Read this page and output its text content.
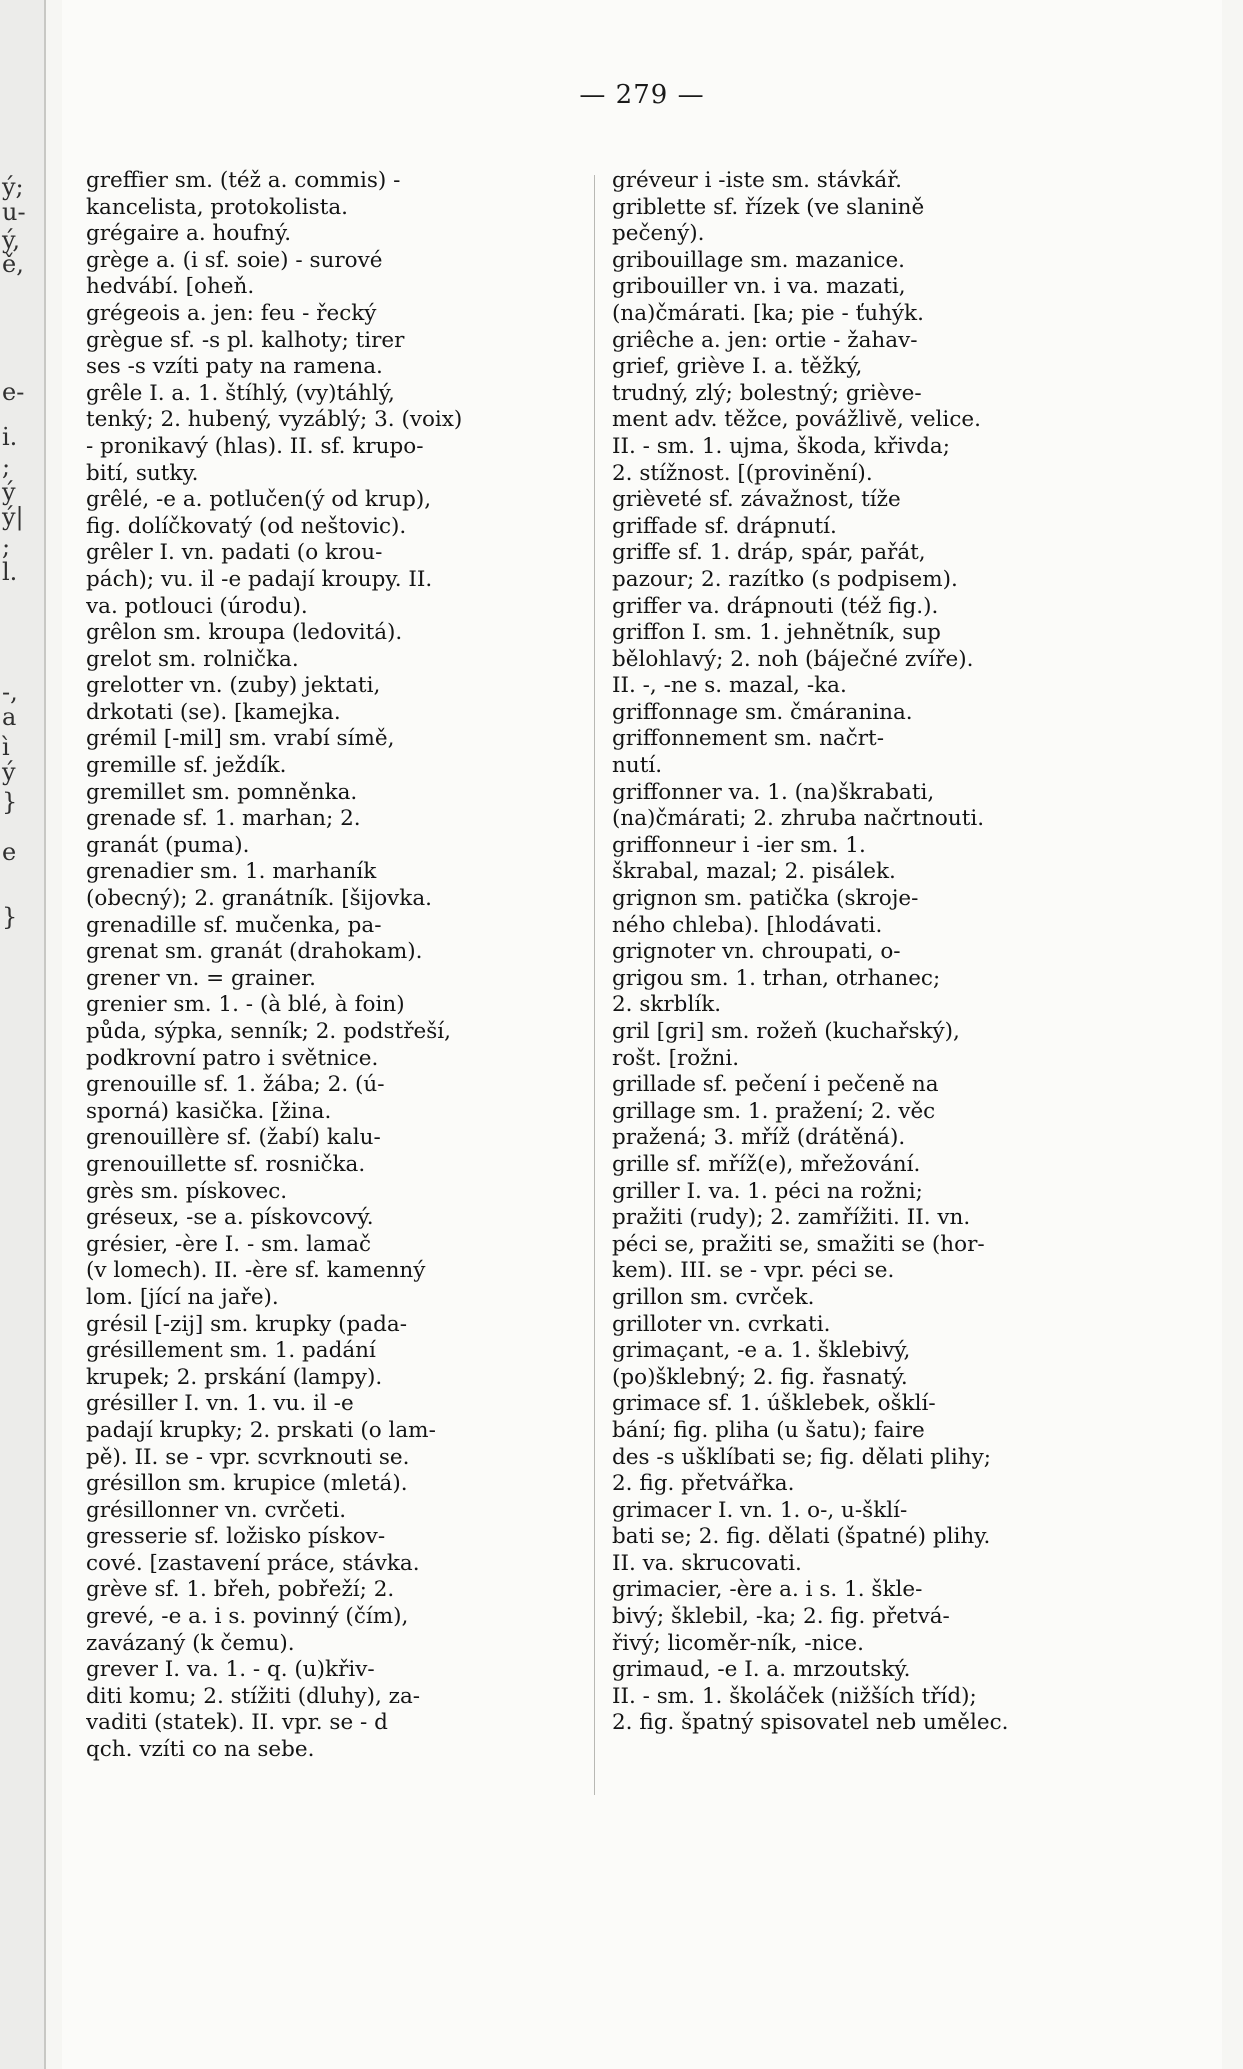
ý;
u-
ý,
ě,
e-
i.
;
ý
ý|
;
l.
-,
a
ì
ý
}
e
}
— 279 —
greffier sm. (též a. commis) -
kancelista, protokolista.
grégaire a. houfný.
grège a. (i sf. soie) - surové
hedvábí. [oheň.
grégeois a. jen: feu - řecký
grègue sf. -s pl. kalhoty; tirer
ses -s vzíti paty na ramena.
grêle I. a. 1. štíhlý, (vy)táhlý,
tenký; 2. hubený, vyzáblý; 3. (voix)
- pronikavý (hlas). II. sf. krupo-
bití, sutky.
grêlé, -e a. potlučen(ý od krup),
fig. dolíčkovatý (od neštovic).
grêler I. vn. padati (o krou-
pách); vu. il -e padají kroupy. II.
va. potlouci (úrodu).
grêlon sm. kroupa (ledovitá).
grelot sm. rolnička.
grelotter vn. (zuby) jektati,
drkotati (se). [kamejka.
grémil [-mil] sm. vrabí símě,
gremille sf. ježdík.
gremillet sm. pomněnka.
grenade sf. 1. marhan; 2.
granát (puma).
grenadier sm. 1. marhaník
(obecný); 2. granátník. [šijovka.
grenadille sf. mučenka, pa-
grenat sm. granát (drahokam).
grener vn. = grainer.
grenier sm. 1. - (à blé, à foin)
půda, sýpka, senník; 2. podstřeší,
podkrovní patro i světnice.
grenouille sf. 1. žába; 2. (ú-
sporná) kasička. [žina.
grenouillère sf. (žabí) kalu-
grenouillette sf. rosnička.
grès sm. pískovec.
gréseux, -se a. pískovcový.
grésier, -ère I. - sm. lamač
(v lomech). II. -ère sf. kamenný
lom. [jící na jaře).
grésil [-zij] sm. krupky (pada-
grésillement sm. 1. padání
krupek; 2. prskání (lampy).
grésiller I. vn. 1. vu. il -e
padají krupky; 2. prskati (o lam-
pě). II. se - vpr. scvrknouti se.
grésillon sm. krupice (mletá).
grésillonner vn. cvrčeti.
gresserie sf. ložisko pískov-
cové. [zastavení práce, stávka.
grève sf. 1. břeh, pobřeží; 2.
grevé, -e a. i s. povinný (čím),
zavázaný (k čemu).
grever I. va. 1. - q. (u)křiv-
diti komu; 2. stížiti (dluhy), za-
vaditi (statek). II. vpr. se - d
qch. vzíti co na sebe.
grévеur i -iste sm. stávkář.
griblette sf. řízek (ve slanině
pečený).
gribouillage sm. mazanice.
gribouiller vn. i va. mazati,
(na)čmárati. [ka; pie - ťuhýk.
griêche a. jen: ortie - žahav-
grief, griève I. a. těžký,
trudný, zlý; bolestný; grièvе-
ment adv. těžce, povážlivě, velice.
II. - sm. 1. ujma, škoda, křivda;
2. stížnost. [(provinění).
grièveté sf. závažnost, tíže
griffade sf. drápnutí.
griffe sf. 1. dráp, spár, pařát,
pazour; 2. razítko (s podpisem).
griffer va. drápnouti (též fig.).
griffon I. sm. 1. jehnětník, sup
bělohlavý; 2. noh (báječné zvíře).
II. -, -ne s. mazal, -ka.
griffonnage sm. čmáranina.
griffonnement sm. načrt-
nutí.
griffonner va. 1. (na)škrabati,
(na)čmárati; 2. zhruba načrtnouti.
griffonneur i -ier sm. 1.
škrabal, mazal; 2. pisálek.
grignon sm. patička (skroje-
ného chleba). [hlodávati.
grignoter vn. chroupati, o-
grigou sm. 1. trhan, otrhanec;
2. skrblík.
gril [gri] sm. rožeň (kuchařský),
rošt. [rožni.
grillade sf. pečení i pečeně na
grillage sm. 1. pražení; 2. věc
pražená; 3. mříž (drátěná).
grille sf. mříž(e), mřežování.
griller I. va. 1. péci na rožni;
pražiti (rudy); 2. zamřížiti. II. vn.
péci se, pražiti se, smažiti se (hor-
kem). III. se - vpr. péci se.
grillon sm. cvrček.
grilloter vn. cvrkati.
grimaçant, -e a. 1. šklebivý,
(po)šklebný; 2. fig. řasnatý.
grimace sf. 1. úšklebek, ošklí-
bání; fig. pliha (u šatu); faire
des -s ušklíbati se; fig. dělati plihy;
2. fig. přetvářka.
grimacer I. vn. 1. o-, u-šklí-
bati se; 2. fig. dělati (špatné) plihy.
II. va. skrucovati.
grimacier, -ère a. i s. 1. škle-
bivý; šklebil, -ka; 2. fig. přetvá-
řivý; licoměr-ník, -nice.
grimaud, -e I. a. mrzoutský.
II. - sm. 1. školáček (nižších tříd);
2. fig. špatný spisovatel neb umělec.
